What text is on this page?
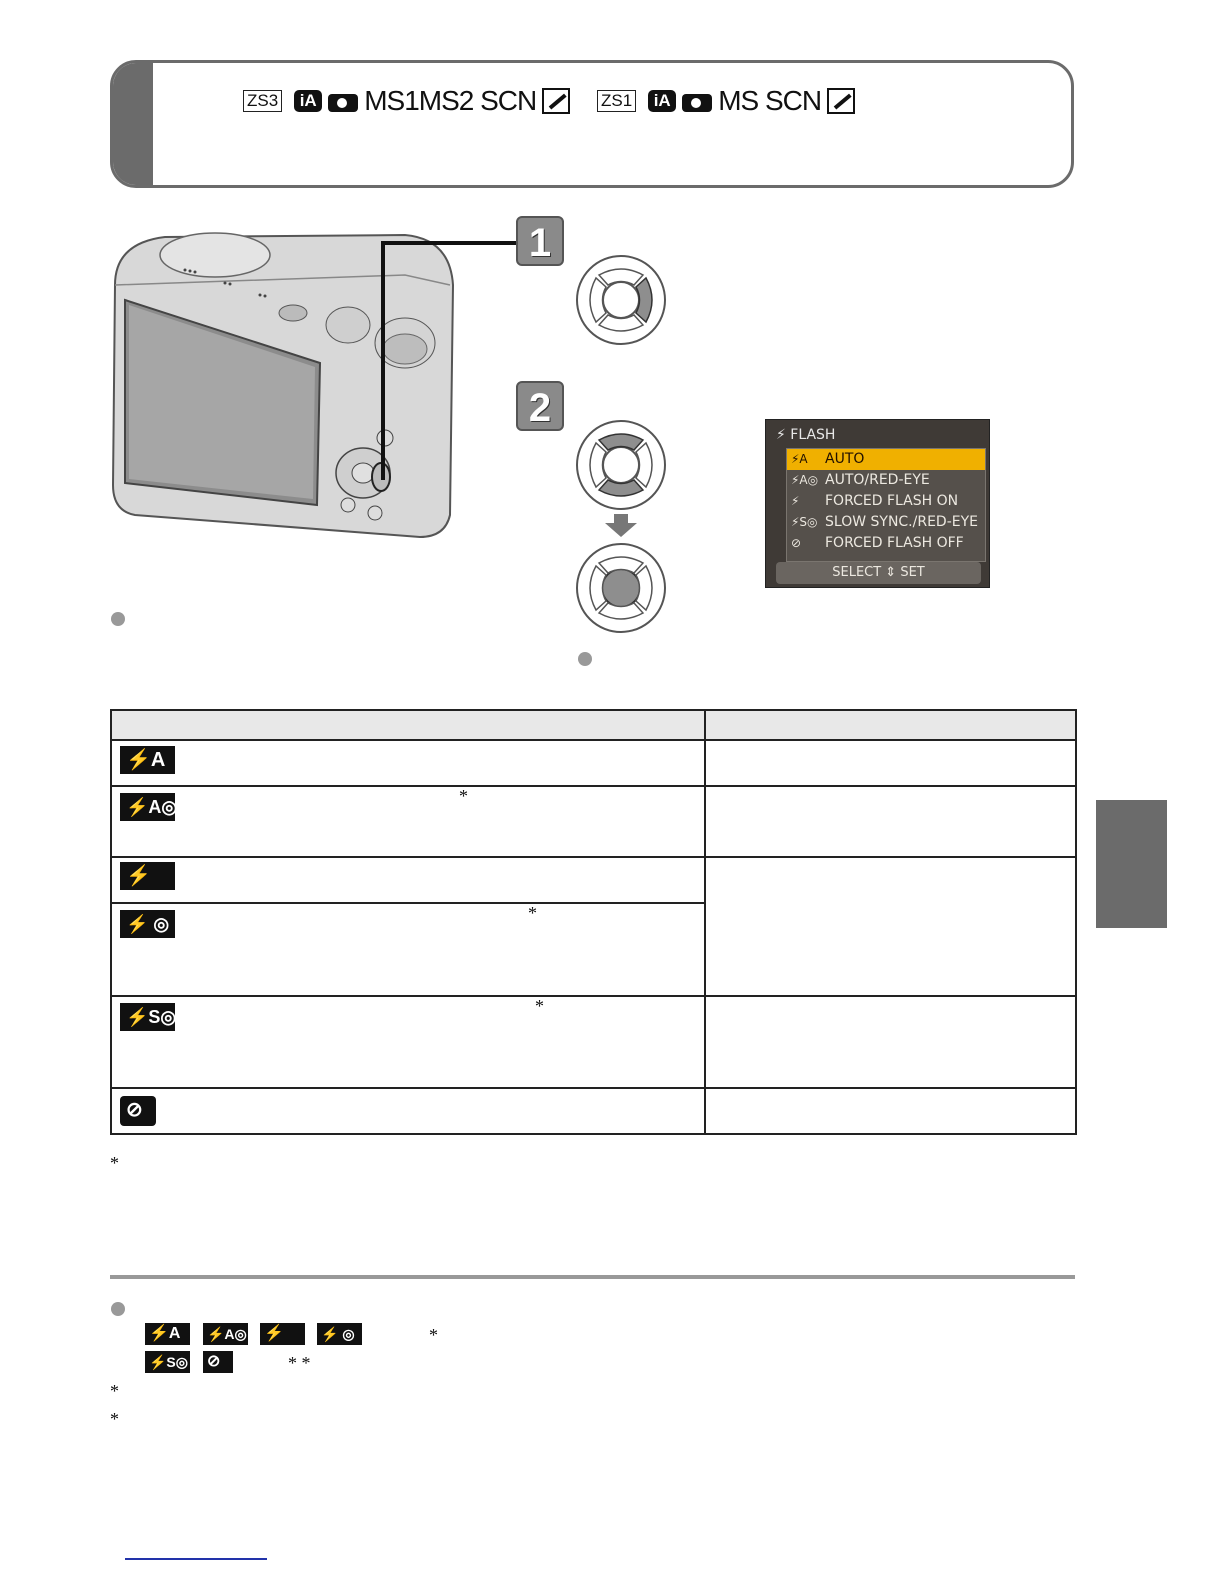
ZS3	iA MS1MS2 SCN	ZS1	iA MS SCN
1
2
⚡ FLASH
⚡A	AUTO
⚡A◎ AUTO/RED-EYE
⚡	FORCED FLASH ON
⚡S◎ SLOW SYNC./RED-EYE
⊘	FORCED FLASH OFF
SELECT ⇕ SET
⚡A
⚡A◎
*
⚡
⚡ ◎
*
⚡S◎
*
⊘
*
⚡A	⚡A◎ ⚡	⚡ ◎	*
⚡S◎ ⊘	* *
*
*
